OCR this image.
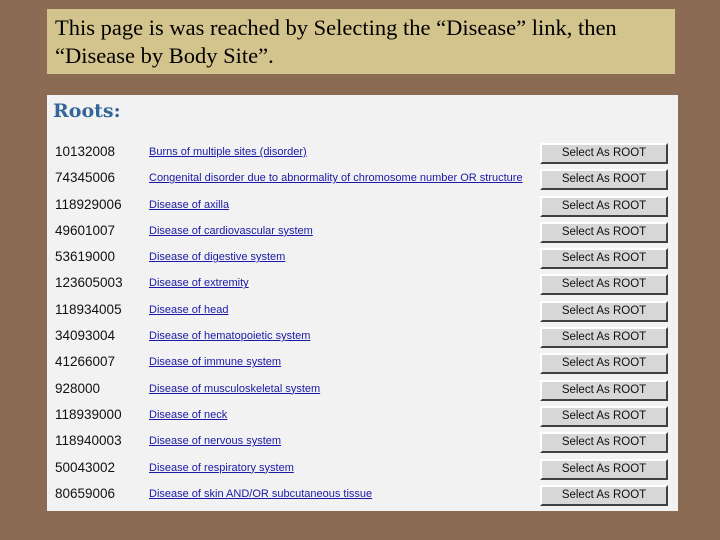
This page is was reached by Selecting the “Disease” link, then
“Disease by Body Site”.
Roots:
10132008	Burns of multiple sites (disorder)	Select As ROOT
74345006	Congenital disorder due to abnormality of chromosome number OR structure	Select As ROOT
118929006 Disease of axilla	Select As ROOT
49601007	Disease of cardiovascular system	Select As ROOT
53619000	Disease of digestive system	Select As ROOT
123605003 Disease of extremity	Select As ROOT
118934005 Disease of head	Select As ROOT
34093004	Disease of hematopoietic system	Select As ROOT
41266007	Disease of immune system	Select As ROOT
928000	Disease of musculoskeletal system	Select As ROOT
118939000 Disease of neck	Select As ROOT
118940003 Disease of nervous system	Select As ROOT
50043002	Disease of respiratory system	Select As ROOT
80659006	Disease of skin AND/OR subcutaneous tissue	Select As ROOT
